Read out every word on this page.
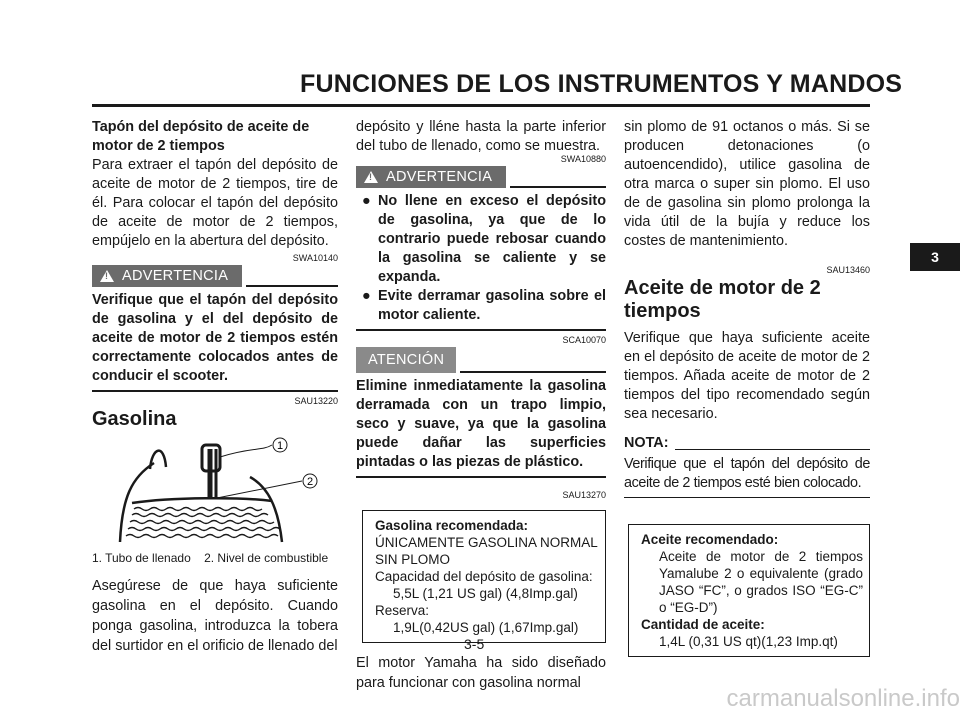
FUNCIONES DE LOS INSTRUMENTOS Y MANDOS

Tapón del depósito de aceite de motor de 2 tiempos

Para extraer el tapón del depósito de aceite de motor de 2 tiempos, tire de él. Para colocar el tapón del depósito de aceite de motor de 2 tiempos, empújelo en la abertura del depósito.

SWA10140
!
ADVERTENCIA

Verifique que el tapón del depósito de gasolina y el del depósito de aceite de motor de 2 tiempos estén correctamente colocados antes de conducir el scooter.

SAU13220
Gasolina
1
2
1. Tubo de llenado    2. Nivel de combustible

Asegúrese de que haya suficiente gasolina en el depósito. Cuando ponga gasolina, introduzca la tobera del surtidor en el orificio de llenado del

depósito y lléne hasta la parte inferior del tubo de llenado, como se muestra.

SWA10880
!
ADVERTENCIA
● No llene en exceso el depósito de gasolina, ya que de lo contrario puede rebosar cuando la gasolina se caliente y se expanda.
● Evite derramar gasolina sobre el motor caliente.
SCA10070
ATENCIÓN

Elimine inmediatamente la gasolina derramada con un trapo limpio, seco y suave, ya que la gasolina puede dañar las superficies pintadas o las piezas de plástico.

SAU13270
Gasolina recomendada:
ÚNICAMENTE GASOLINA NORMAL SIN PLOMO
Capacidad del depósito de gasolina:
5,5L (1,21 US gal) (4,8Imp.gal)
Reserva:
1,9L(0,42US gal) (1,67Imp.gal)

El motor Yamaha ha sido diseñado para funcionar con gasolina normal

sin plomo de 91 octanos o más. Si se producen detonaciones (o autoencendido), utilice gasolina de otra marca o super sin plomo. El uso de de gasolina sin plomo prolonga la vida útil de la bujía y reduce los costes de mantenimiento.

SAU13460
Aceite de motor de 2 tiempos

Verifique que haya suficiente aceite en el depósito de aceite de motor de 2 tiempos. Añada aceite de motor de 2 tiempos del tipo recomendado según sea necesario.

NOTA:

Verifique que el tapón del depósito de aceite de 2 tiempos esté bien colocado.

Aceite recomendado:
Aceite de motor de 2 tiempos Yamalube 2 o equivalente (grado JASO “FC”, o grados ISO “EG-C” o “EG-D”)
Cantidad de aceite:
1,4L (0,31 US qt)(1,23 Imp.qt)
3-5
3
carmanualsonline.info
